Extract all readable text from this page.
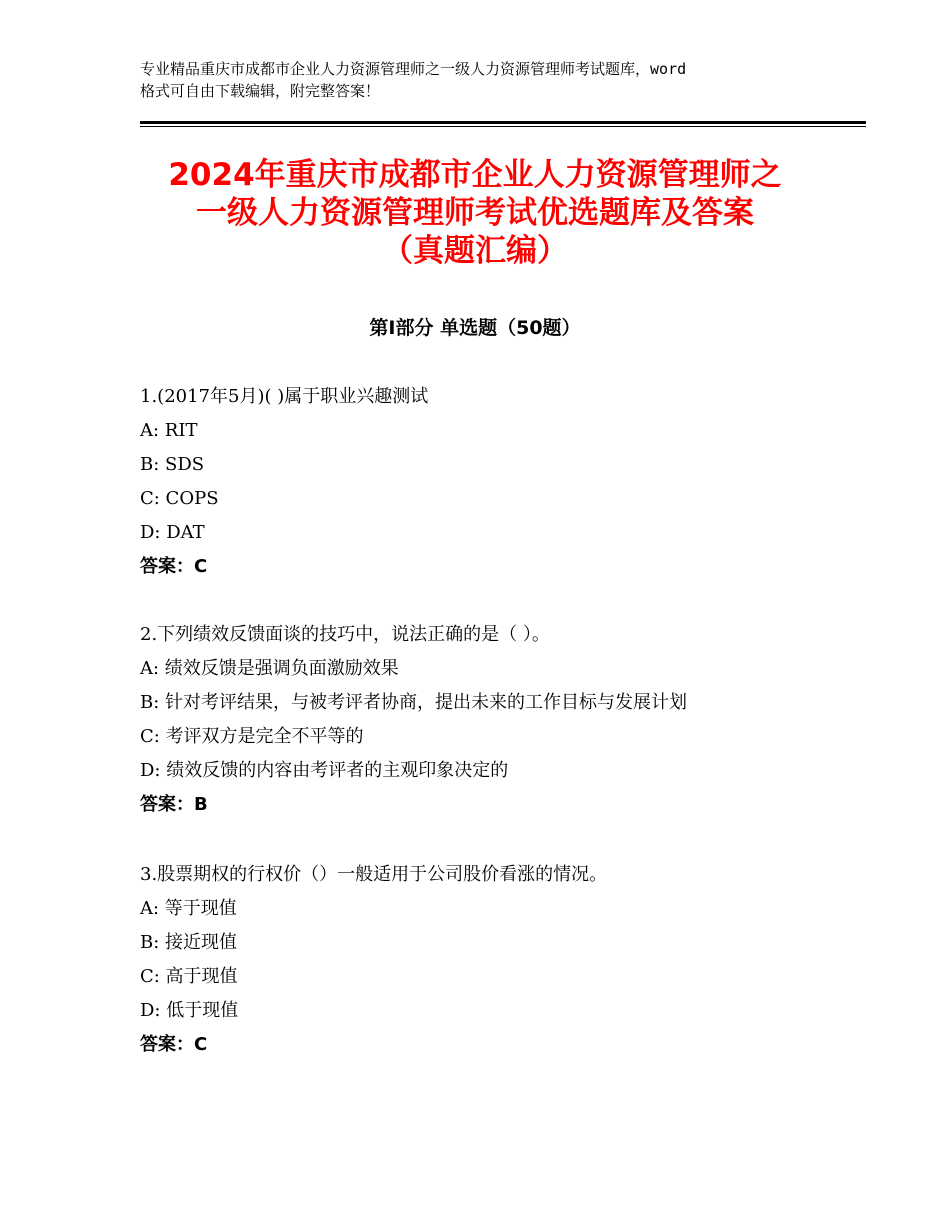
专业精品重庆市成都市企业人力资源管理师之一级人力资源管理师考试题库，word
格式可自由下载编辑，附完整答案！
2024年重庆市成都市企业人力资源管理师之
一级人力资源管理师考试优选题库及答案
（真题汇编）
第Ⅰ部分 单选题（50题）
1.(2017年5月)( )属于职业兴趣测试
A: RIT
B: SDS
C: COPS
D: DAT
答案：C
2.下列绩效反馈面谈的技巧中，说法正确的是（ ）。
A: 绩效反馈是强调负面激励效果
B: 针对考评结果，与被考评者协商，提出未来的工作目标与发展计划
C: 考评双方是完全不平等的
D: 绩效反馈的内容由考评者的主观印象决定的
答案：B
3.股票期权的行权价（）一般适用于公司股价看涨的情况。
A: 等于现值
B: 接近现值
C: 高于现值
D: 低于现值
答案：C
